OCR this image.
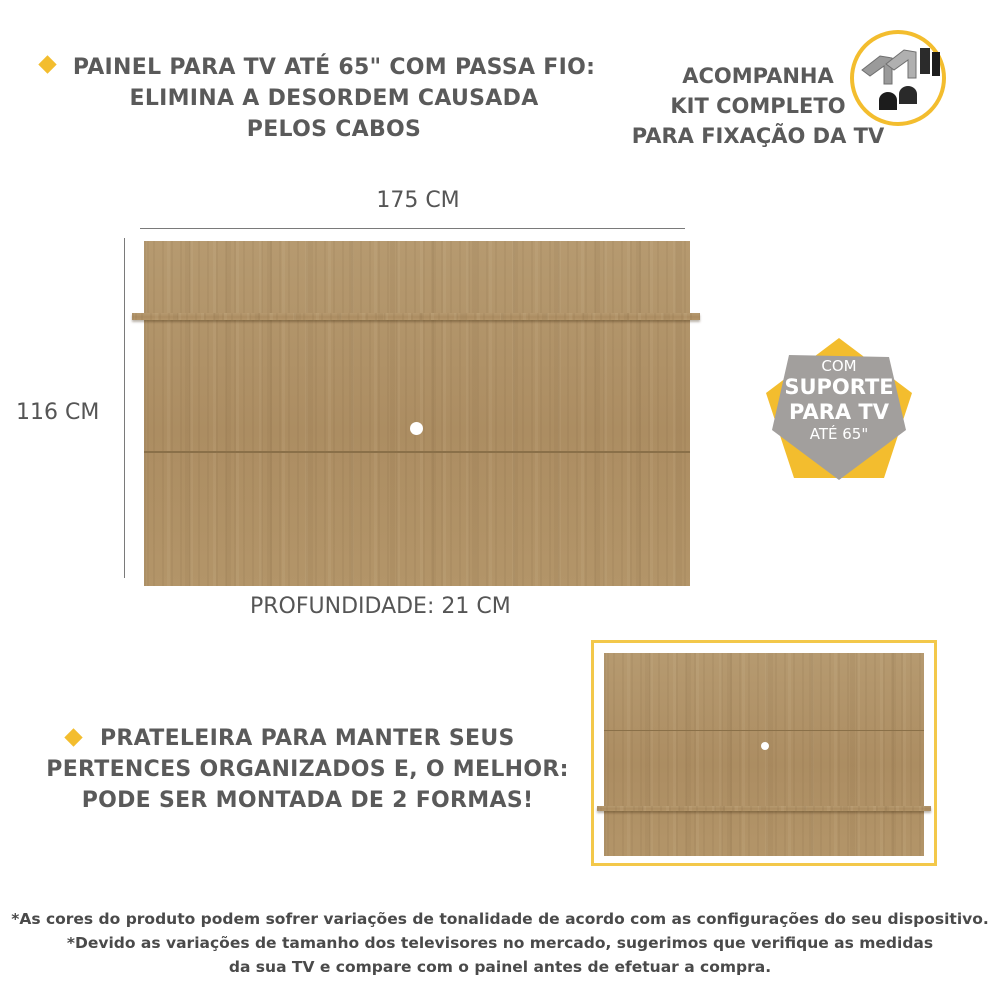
PAINEL PARA TV ATÉ 65" COM PASSA FIO:
ELIMINA A DESORDEM CAUSADA
PELOS CABOS
ACOMPANHA
KIT COMPLETO
PARA FIXAÇÃO DA TV
175 CM
116 CM
PROFUNDIDADE: 21 CM
COM
SUPORTE
PARA TV
ATÉ 65"
PRATELEIRA PARA MANTER SEUS
PERTENCES ORGANIZADOS E, O MELHOR:
PODE SER MONTADA DE 2 FORMAS!
*As cores do produto podem sofrer variações de tonalidade de acordo com as configurações do seu dispositivo.
*Devido as variações de tamanho dos televisores no mercado, sugerimos que verifique as medidas
da sua TV e compare com o painel antes de efetuar a compra.
